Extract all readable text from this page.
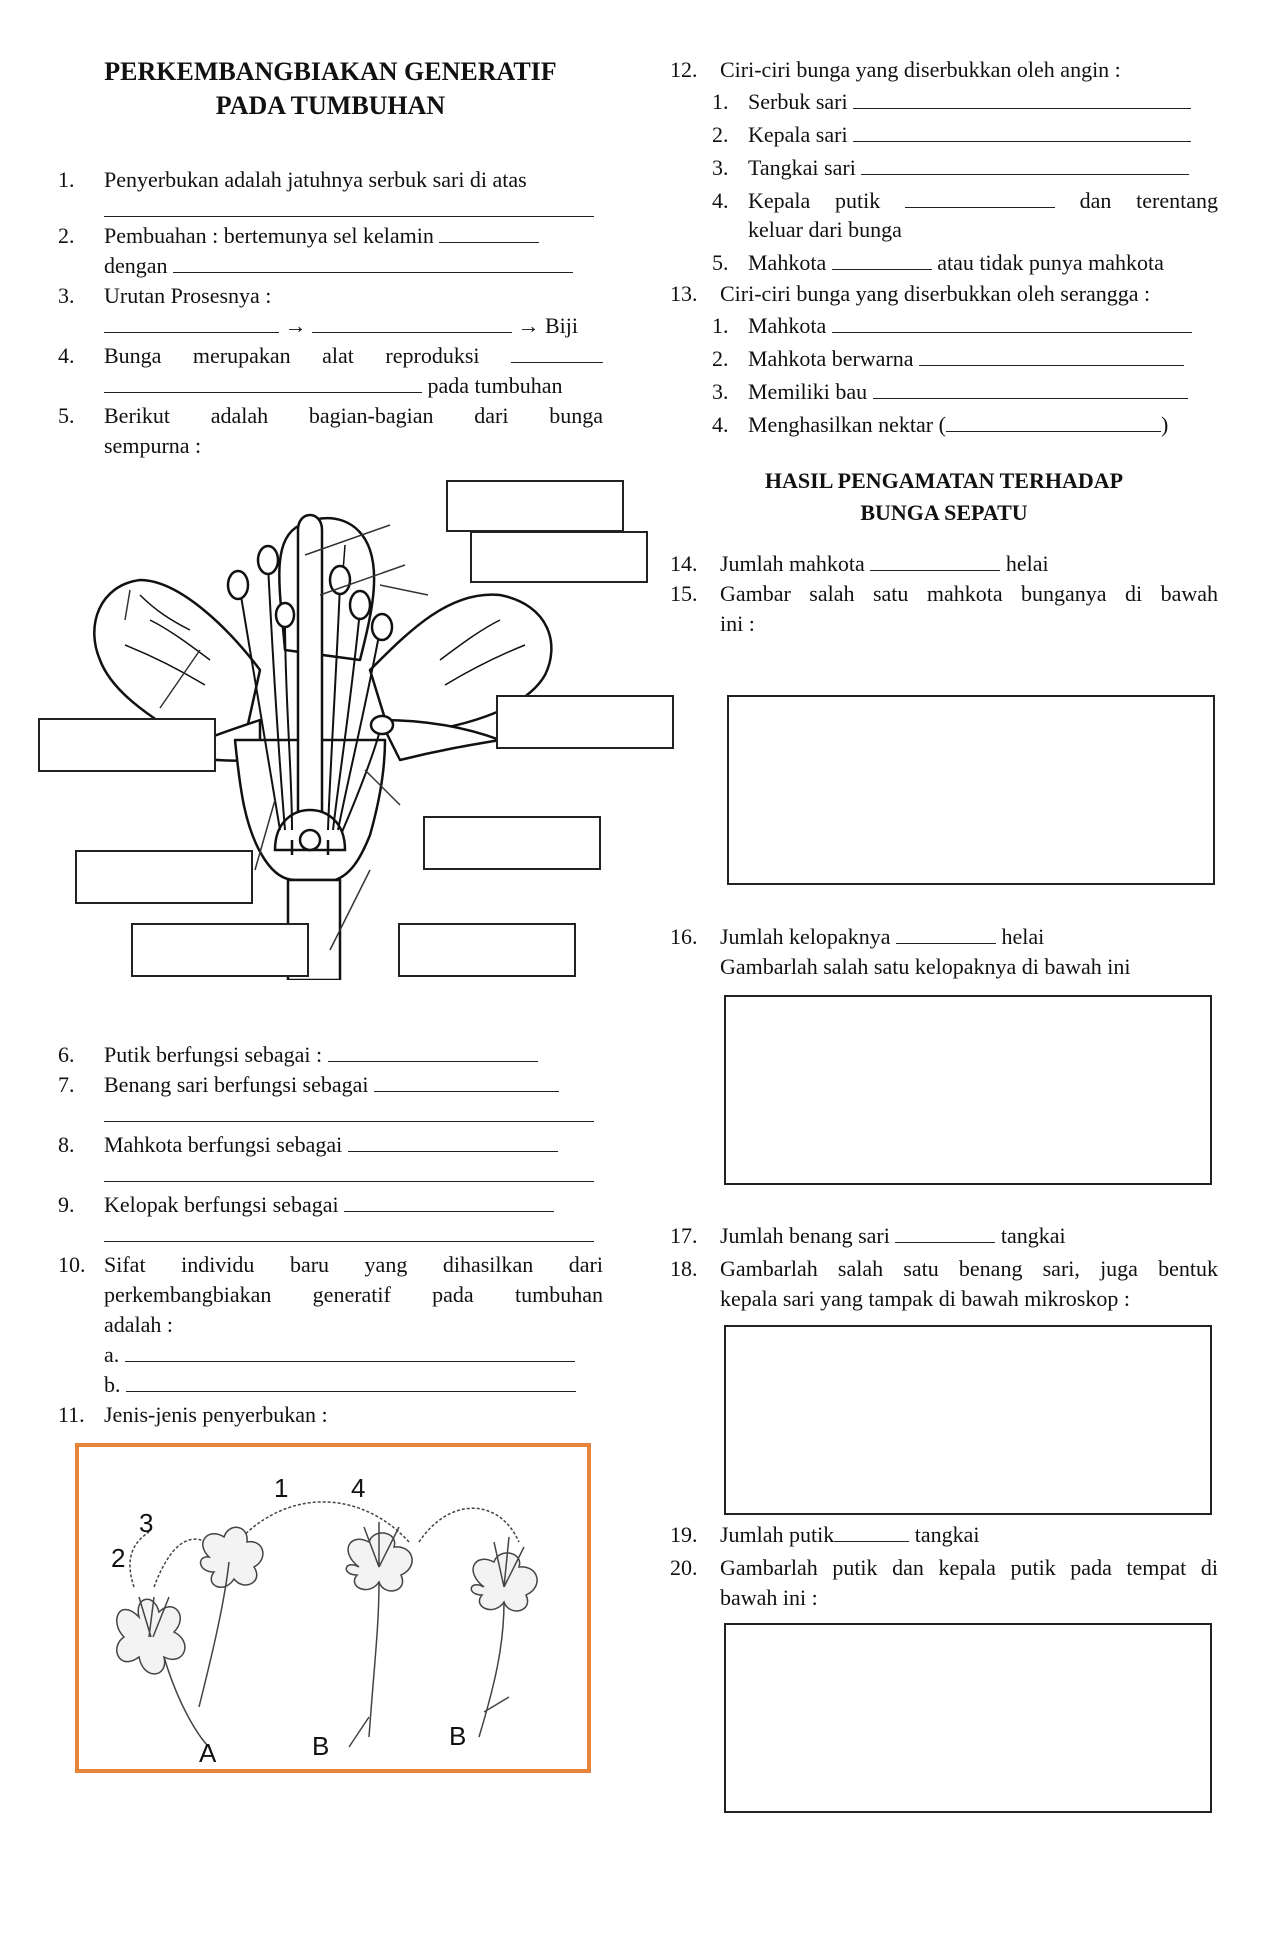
PERKEMBANGBIAKAN GENERATIF
PADA TUMBUHAN
1. Penyerbukan adalah jatuhnya serbuk sari di atas
2. Pembuahan : bertemunya sel kelamin
dengan
3. Urutan Prosesnya :
→	→ Biji
4. Bunga merupakan alat reproduksi
pada tumbuhan
5. Berikut adalah bagian-bagian dari bunga
sempurna :
6. Putik berfungsi sebagai :
7. Benang sari berfungsi sebagai
8. Mahkota berfungsi sebagai
9. Kelopak berfungsi sebagai
10. Sifat individu baru yang dihasilkan dari
perkembangbiakan generatif pada tumbuhan
adalah :
a.
b.
11. Jenis-jenis penyerbukan :
1 4
2
3
A	B	B
12. Ciri-ciri bunga yang diserbukkan oleh angin :
1. Serbuk sari
2. Kepala sari
3. Tangkai sari
4. Kepala putik	dan terentang
keluar dari bunga
5. Mahkota	atau tidak punya mahkota
13. Ciri-ciri bunga yang diserbukkan oleh serangga :
1. Mahkota
2. Mahkota berwarna
3. Memiliki bau
4. Menghasilkan nektar (	)
HASIL PENGAMATAN TERHADAP
BUNGA SEPATU
14. Jumlah mahkota	helai
15. Gambar salah satu mahkota bunganya di bawah
ini :
16. Jumlah kelopaknya	helai
Gambarlah salah satu kelopaknya di bawah ini
17. Jumlah benang sari	tangkai
18. Gambarlah salah satu benang sari, juga bentuk
kepala sari yang tampak di bawah mikroskop :
19. Jumlah putik	tangkai
20. Gambarlah putik dan kepala putik pada tempat di
bawah ini :
